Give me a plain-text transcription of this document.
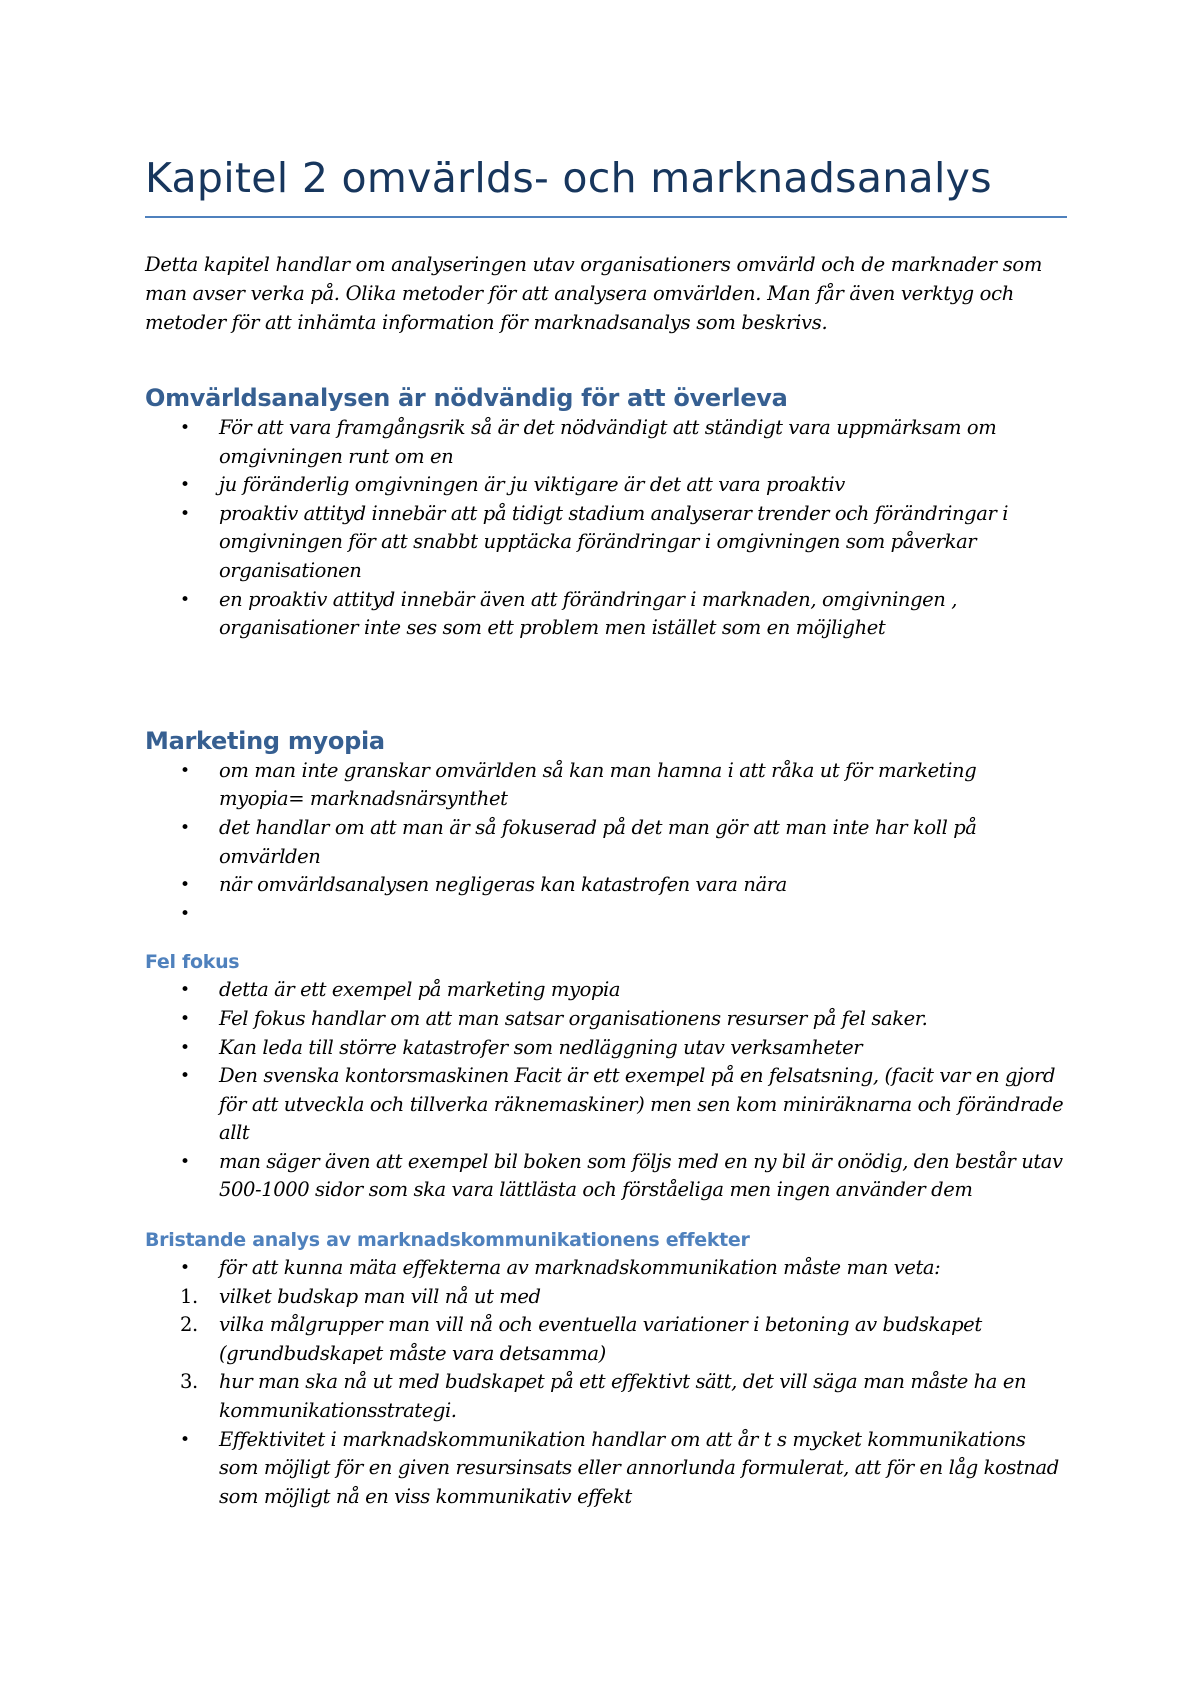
Kapitel 2 omvärlds- och marknadsanalys

Detta kapitel handlar om analyseringen utav organisationers omvärld och de marknader som man avser verka på. Olika metoder för att analysera omvärlden. Man får även verktyg och metoder för att inhämta information för marknadsanalys som beskrivs.

Omvärldsanalysen är nödvändig för att överleva
•	För att vara framgångsrik så är det nödvändigt att ständigt vara uppmärksam om omgivningen runt om en
•	ju föränderlig omgivningen är ju viktigare är det att vara proaktiv
•	proaktiv attityd innebär att på tidigt stadium analyserar trender och förändringar i omgivningen för att snabbt upptäcka förändringar i omgivningen som påverkar organisationen
•	en proaktiv attityd innebär även att förändringar i marknaden, omgivningen , organisationer inte ses som ett problem men istället som en möjlighet
Marketing myopia
•	om man inte granskar omvärlden så kan man hamna i att råka ut för marketing myopia= marknadsnärsynthet
•	det handlar om att man är så fokuserad på det man gör att man inte har koll på omvärlden
•	när omvärldsanalysen negligeras kan katastrofen vara nära
•
Fel fokus
•	detta är ett exempel på marketing myopia
•	Fel fokus handlar om att man satsar organisationens resurser på fel saker.
•	Kan leda till större katastrofer som nedläggning utav verksamheter
•	Den svenska kontorsmaskinen Facit är ett exempel på en felsatsning, (facit var en gjord för att utveckla och tillverka räknemaskiner) men sen kom miniräknarna och förändrade allt
•	man säger även att exempel bil boken som följs med en ny bil är onödig, den består utav 500-1000 sidor som ska vara lättlästa och förståeliga men ingen använder dem
Bristande analys av marknadskommunikationens effekter
•	för att kunna mäta effekterna av marknadskommunikation måste man veta:
1.	vilket budskap man vill nå ut med
2.	vilka målgrupper man vill nå och eventuella variationer i betoning av budskapet (grundbudskapet måste vara detsamma)
3.	hur man ska nå ut med budskapet på ett effektivt sätt, det vill säga man måste ha en kommunikationsstrategi.
•	Effektivitet i marknadskommunikation handlar om att år t s mycket kommunikations som möjligt för en given resursinsats eller annorlunda formulerat, att för en låg kostnad som möjligt nå en viss kommunikativ effekt
